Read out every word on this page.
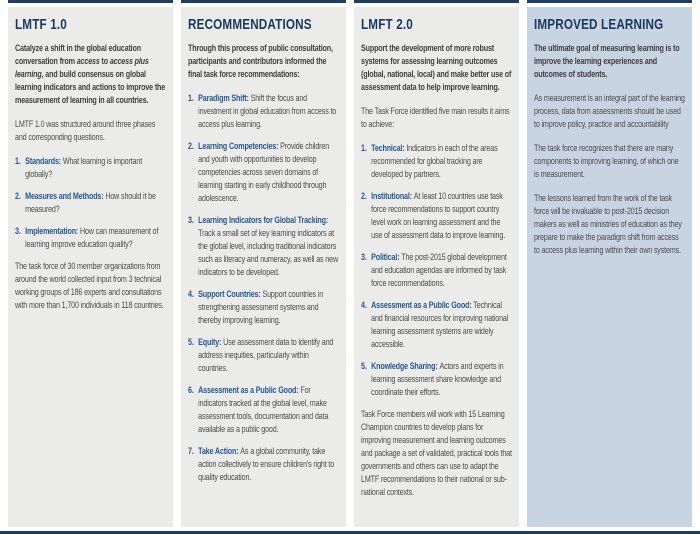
LMTF 1.0

Catalyze a shift in the global education conversation from access to access plus learning, and build consensus on global learning indicators and actions to improve the measurement of learning in all countries.

LMTF 1.0 was structured around three phases and corresponding questions.

1. Standards: What learning is important globally?
2. Measures and Methods: How should it be measured?
3. Implementation: How can measurement of learning improve education quality?

The task force of 30 member organizations from around the world collected input from 3 technical working groups of 186 experts and consultations with more than 1,700 individuals in 118 countries.

RECOMMENDATIONS

Through this process of public consultation, participants and contributors informed the final task force recommendations:

1. Paradigm Shift: Shift the focus and investment in global education from access to access plus learning.
2. Learning Competencies: Provide children and youth with opportunities to develop competencies across seven domains of learning starting in early childhood through adolescence.
3. Learning Indicators for Global Tracking: Track a small set of key learning indicators at the global level, including traditional indicators such as literacy and numeracy, as well as new indicators to be developed.
4. Support Countries: Support countries in strengthening assessment systems and thereby improving learning.
5. Equity: Use assessment data to identify and address inequities, particularly within countries.
6. Assessment as a Public Good: For indicators tracked at the global level, make assessment tools, documentation and data available as a public good.
7. Take Action: As a global community, take action collectively to ensure children's right to quality education.
LMFT 2.0

Support the development of more robust systems for assessing learning outcomes (global, national, local) and make better use of assessment data to help improve learning.

The Task Force identified five main results it aims to achieve:

1. Technical: Indicators in each of the areas recommended for global tracking are developed by partners.
2. Institutional: At least 10 countries use task force recommendations to support country level work on learning assessment and the use of assessment data to improve learning.
3. Political: The post-2015 global development and education agendas are informed by task force recommendations.
4. Assessment as a Public Good: Technical and financial resources for improving national learning assessment systems are widely accessible.
5. Knowledge Sharing: Actors and experts in learning assessment share knowledge and coordinate their efforts.

Task Force members will work with 15 Learning Champion countries to develop plans for improving measurement and learning outcomes and package a set of validated, practical tools that governments and others can use to adapt the LMTF recommendations to their national or sub-national contexts.

IMPROVED LEARNING

The ultimate goal of measuring learning is to improve the learning experiences and outcomes of students.

As measurement is an integral part of the learning process, data from assessments should be used to improve policy, practice and accountability

The task force recognizes that there are many components to improving learning, of which one is measurement.

The lessons learned from the work of the task force will be invaluable to post-2015 decision makers as well as ministries of education as they prepare to make the paradigm shift from access to access plus learning within their own systems.
